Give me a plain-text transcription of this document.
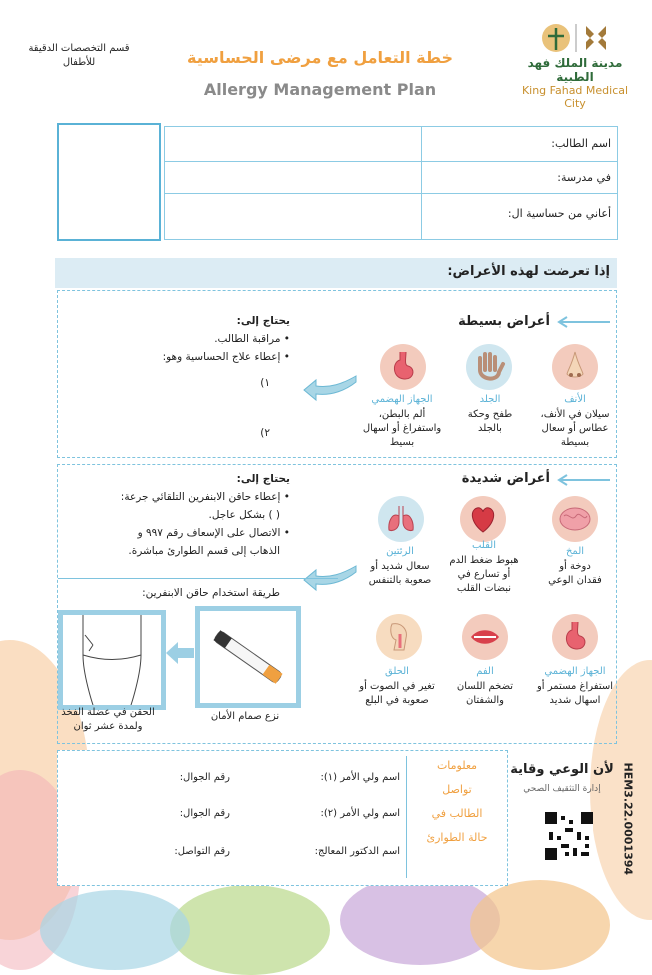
قسم التخصصات الدقيقة
للأطفال	خطة التعامل مع مرضى الحساسية
Allergy Management Plan
مدينة الملك فهد الطبية
King Fahad Medical City
اسم الطالب:
في مدرسة:
أعاني من حساسية ال:
إذا تعرضت لهذه الأعراض:
أعراض بسيطة
الأنف
سيلان في الأنف،
عطاس أو سعال
بسيطة
الجلد
طفح وحكة
بالجلد
الجهاز الهضمي
ألم بالبطن،
واستفراغ أو اسهال
بسيط
يحتاج إلى:
• مراقبة الطالب.
• إعطاء علاج الحساسية وهو:
١)
٢)
أعراض شديدة
المخ
دوخة أو
فقدان الوعي
القلب
هبوط ضغط الدم
أو تسارع في
نبضات القلب
الرئتين
سعال شديد أو
صعوبة بالتنفس
الجهاز الهضمي
استفراغ مستمر أو
اسهال شديد
الفم
تضخم اللسان
والشفتان
الحلق
تغير في الصوت أو
صعوبة في البلع
يحتاج إلى:
• إعطاء حاقن الابنفرين التلقائي جرعة:
( ) بشكل عاجل.
• الاتصال على الإسعاف رقم ٩٩٧ و
الذهاب إلى قسم الطوارئ مباشرة.
طريقة استخدام حاقن الابنفرين:
نزع صمام الأمان
الحقن في عضلة الفخذ
ولمدة عشر ثوان
معلومات
تواصل
الطالب في
حالة الطوارئ
اسم ولي الأمر (١):
اسم ولي الأمر (٢):
اسم الدكتور المعالج:
رقم الجوال:
رقم الجوال:
رقم التواصل:
لأن الوعي وقاية
إدارة التثقيف الصحي	HEM3.22.0001394
